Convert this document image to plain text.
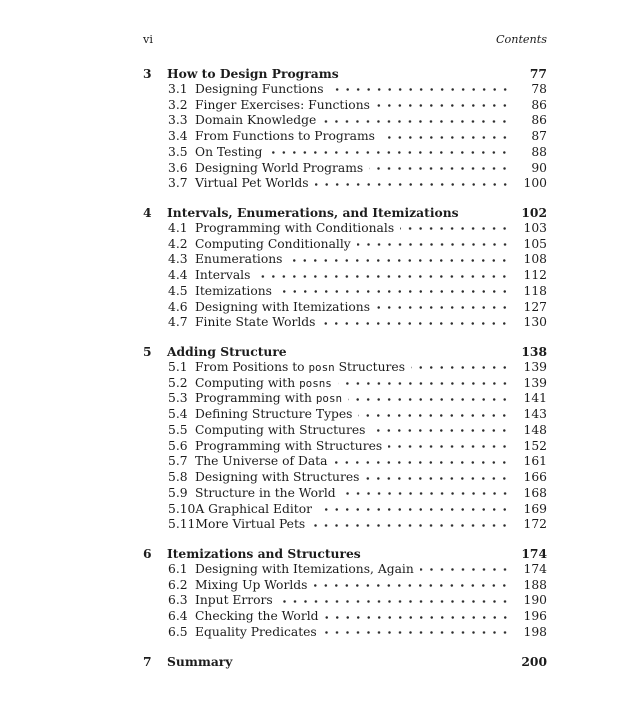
vi	Contents
3	How to Design Programs	77
3.1 Designing Functions	78
3.2 Finger Exercises: Functions	86
3.3 Domain Knowledge	86
3.4 From Functions to Programs	87
3.5 On Testing	88
3.6 Designing World Programs	90
3.7 Virtual Pet Worlds	100
4	Intervals, Enumerations, and Itemizations	102
4.1 Programming with Conditionals	103
4.2 Computing Conditionally	105
4.3 Enumerations	108
4.4 Intervals	112
4.5 Itemizations	118
4.6 Designing with Itemizations	127
4.7 Finite State Worlds	130
5	Adding Structure	138
5.1 From Positions to posn Structures	139
5.2 Computing with posns	139
5.3 Programming with posn	141
5.4 Defining Structure Types	143
5.5 Computing with Structures	148
5.6 Programming with Structures	152
5.7 The Universe of Data	161
5.8 Designing with Structures	166
5.9 Structure in the World	168
5.10 A Graphical Editor	169
5.11 More Virtual Pets	172
6	Itemizations and Structures	174
6.1 Designing with Itemizations, Again	174
6.2 Mixing Up Worlds	188
6.3 Input Errors	190
6.4 Checking the World	196
6.5 Equality Predicates	198
7	Summary	200
